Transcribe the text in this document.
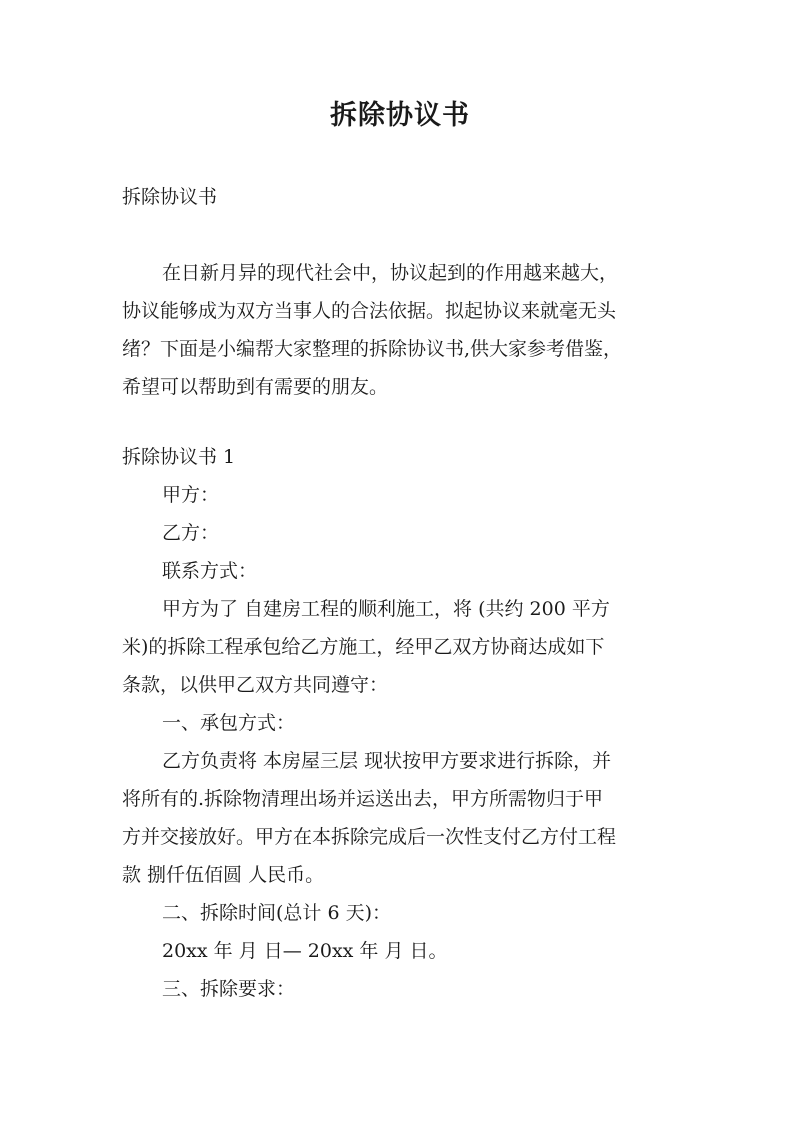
拆除协议书

拆除协议书

在日新月异的现代社会中，协议起到的作用越来越大，

协议能够成为双方当事人的合法依据。拟起协议来就毫无头

绪？下面是小编帮大家整理的拆除协议书,供大家参考借鉴，

希望可以帮助到有需要的朋友。

拆除协议书 1

甲方：

乙方：

联系方式：

甲方为了 自建房工程的顺利施工，将 (共约 200 平方

米)的拆除工程承包给乙方施工，经甲乙双方协商达成如下

条款，以供甲乙双方共同遵守：

一、承包方式：

乙方负责将 本房屋三层 现状按甲方要求进行拆除，并

将所有的.拆除物清理出场并运送出去，甲方所需物归于甲

方并交接放好。甲方在本拆除完成后一次性支付乙方付工程

款 捌仟伍佰圆 人民币。

二、拆除时间(总计 6 天)：

20xx 年 月 日— 20xx 年 月 日。

三、拆除要求：
